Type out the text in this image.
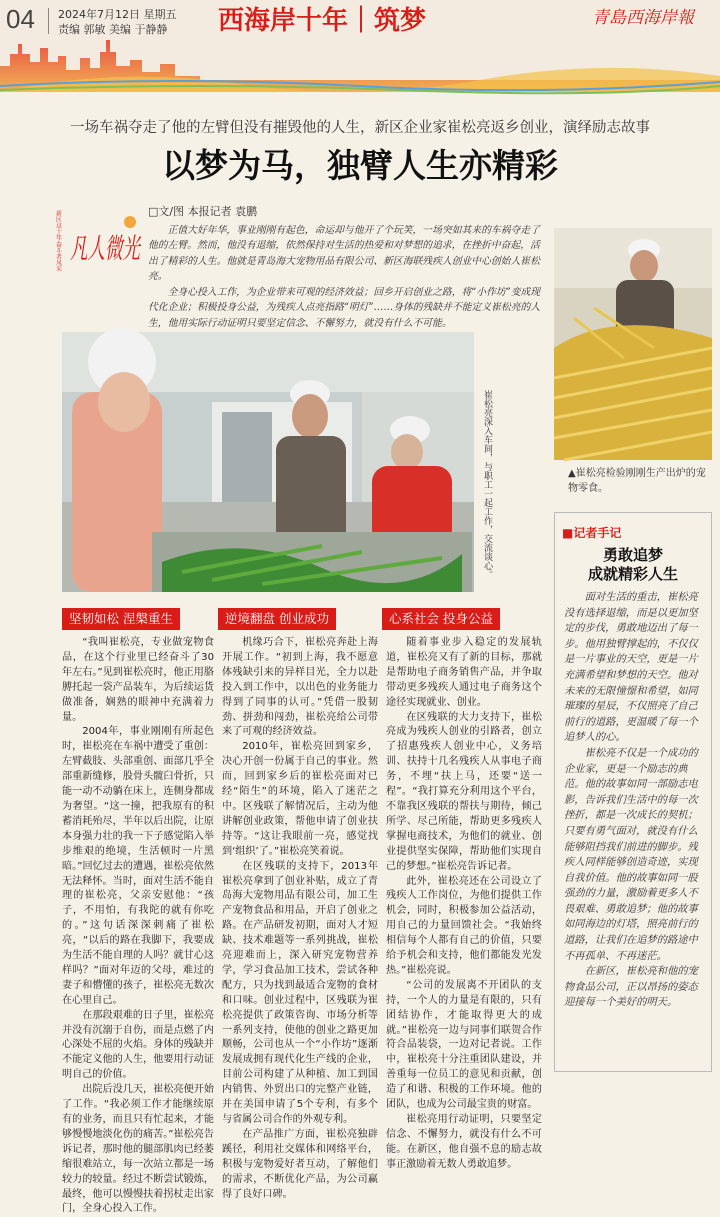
04 2024年7月12日 星期五
责编 郭敏 美编 于静静 西海岸十年｜筑梦	青島西海岸報
一场车祸夺走了他的左臂但没有摧毁他的人生，新区企业家崔松亮返乡创业，演绎励志故事
以梦为马，独臂人生亦精彩
□文/图 本报记者 袁鹏
新区这十年·奋斗者风采 凡人微光

正值大好年华，事业刚刚有起色，命运却与他开了个玩笑，一场突如其来的车祸夺走了他的左臂。然而，他没有退缩，依然保持对生活的热爱和对梦想的追求，在挫折中奋起，活出了精彩的人生。他就是青岛海大宠物用品有限公司、新区海联残疾人创业中心创始人崔松亮。

全身心投入工作，为企业带来可观的经济效益；回乡开启创业之路，将“小作坊”变成现代化企业；积极投身公益，为残疾人点亮指路“明灯”……身体的残缺并不能定义崔松亮的人生，他用实际行动证明只要坚定信念、不懈努力，就没有什么不可能。

崔松亮深入车间，与职工一起工作，交流谈心。	▲崔松亮检验刚刚生产出炉的宠物零食。
■记者手记
勇敢追梦
成就精彩人生

面对生活的重击，崔松亮没有选择退缩，而是以更加坚定的步伐，勇敢地迈出了每一步。他用独臂撑起的，不仅仅是一片事业的天空，更是一片充满希望和梦想的天空。他对未来的无限憧憬和希望，如同璀璨的星辰，不仅照亮了自己前行的道路，更温暖了每一个追梦人的心。

崔松亮不仅是一个成功的企业家，更是一个励志的典范。他的故事如同一部励志电影，告诉我们生活中的每一次挫折，都是一次成长的契机；只要有勇气面对，就没有什么能够阻挡我们前进的脚步。残疾人同样能够创造奇迹，实现自我价值。他的故事如同一股强劲的力量，激励着更多人不畏艰难、勇敢追梦；他的故事如同海边的灯塔，照亮前行的道路，让我们在追梦的路途中不再孤单、不再迷茫。

在新区，崔松亮和他的宠物食品公司，正以昂扬的姿态迎接每一个美好的明天。

坚韧如松 涅槃重生

“我叫崔松亮，专业做宠物食品，在这个行业里已经奋斗了30年左右。”见到崔松亮时，他正用胳膊托起一袋产品装车，为后续运货做准备，娴熟的眼神中充满着力量。

2004年，事业刚刚有所起色时，崔松亮在车祸中遭受了重创：左臂截肢、头部重创、面部几乎全部重新缝修，股骨头髋臼骨折，只能一动不动躺在床上，连侧身都成为奢望。“这一撞，把我原有的积蓄消耗殆尽，半年以后出院，让原本身强力壮的我一下子感觉陷入举步维艰的绝境，生活顿时一片黑暗。”回忆过去的遭遇，崔松亮依然无法释怀。当时，面对生活不能自理的崔松亮，父亲安慰他：“孩子，不用怕，有我陀的就有你吃的。”这句话深深刺痛了崔松亮，“以后的路在我脚下，我要成为生活不能自理的人吗？就甘心这样吗？”面对年迈的父母，难过的妻子和懵懂的孩子，崔松亮无数次在心里自己。

在那段艰难的日子里，崔松亮并没有沉溺于自伤，而是点燃了内心深处不屈的火焰。身体的残缺并不能定义他的人生，他要用行动证明自己的价值。

出院后没几天，崔松亮便开始了工作。“我必须工作才能继续原有的业务，而且只有忙起来，才能够慢慢地淡化伤的痛苦。”崔松亮告诉记者，那时他的腿部肌肉已经萎缩很难站立，每一次站立都是一场较力的较量。经过不断尝试锻炼，最终，他可以慢慢扶着拐杖走出家门，全身心投入工作。

逆境翻盘 创业成功

机缘巧合下，崔松亮奔赴上海开展工作。“初到上海，我不愿意体残缺引来的异样目光，全力以赴投入到工作中，以出色的业务能力得到了同事的认可。”凭借一股韧劲、拼劲和闯劲，崔松亮给公司带来了可观的经济效益。

2010年，崔松亮回到家乡，决心开创一份属于自己的事业。然而，回到家乡后的崔松亮面对已经“陌生”的环境，陷入了迷茫之中。区残联了解情况后，主动为他讲解创业政策，帮他申请了创业扶持等。“这让我眼前一亮，感觉找到‘组织’了。”崔松亮笑着说。

在区残联的支持下，2013年崔松亮拿到了创业补贴，成立了青岛海大宠物用品有限公司，加工生产宠物食品和用品，开启了创业之路。在产品研发初期，面对人才短缺、技术难题等一系列挑战，崔松亮迎难而上，深入研究宠物营养学，学习食品加工技术，尝试各种配方，只为找到最适合宠物的食材和口味。创业过程中，区残联为崔松亮提供了政策咨询、市场分析等一系列支持，使他的创业之路更加顺畅，公司也从一个“小作坊”逐渐发展成拥有现代化生产线的企业，目前公司构建了从种植、加工到国内销售、外贸出口的完整产业链，并在美国申请了5个专利，有多个与省属公司合作的外观专利。

在产品推广方面，崔松亮独辟蹊径，利用社交媒体和网络平台，积极与宠物爱好者互动，了解他们的需求，不断优化产品，为公司赢得了良好口碑。

心系社会 投身公益

随着事业步入稳定的发展轨道，崔松亮又有了新的目标，那就是帮助电子商务销售产品，并争取带动更多残疾人通过电子商务这个途径实现就业、创业。

在区残联的大力支持下，崔松亮成为残疾人创业的引路者，创立了招惠残疾人创业中心，义务培训、扶持十几名残疾人从事电子商务，不埋“扶上马，还要“送一程”。“我打算充分利用这个平台，不靠我区残联的帮扶与期待，倾己所学、尽己所能，帮助更多残疾人掌握电商技术，为他们的就业、创业提供坚实保障，帮助他们实现自己的梦想。”崔松亮告诉记者。

此外，崔松亮还在公司设立了残疾人工作岗位，为他们提供工作机会，同时，积极参加公益活动，用自己的力量回馈社会。“我始终相信每个人都有自己的价值，只要给予机会和支持，他们都能发光发热。”崔松亮说。

“公司的发展离不开团队的支持，一个人的力量是有限的，只有团结协作，才能取得更大的成就。”崔松亮一边与同事们联贺合作符合品装袋，一边对记者说。工作中，崔松亮十分注重团队建设，并善重每一位员工的意见和贡献，创造了和谐、积极的工作环境。他的团队，也成为公司最宝贵的财富。

崔松亮用行动证明，只要坚定信念、不懈努力，就没有什么不可能。在新区，他自强不息的励志故事正激励着无数人勇敢追梦。
